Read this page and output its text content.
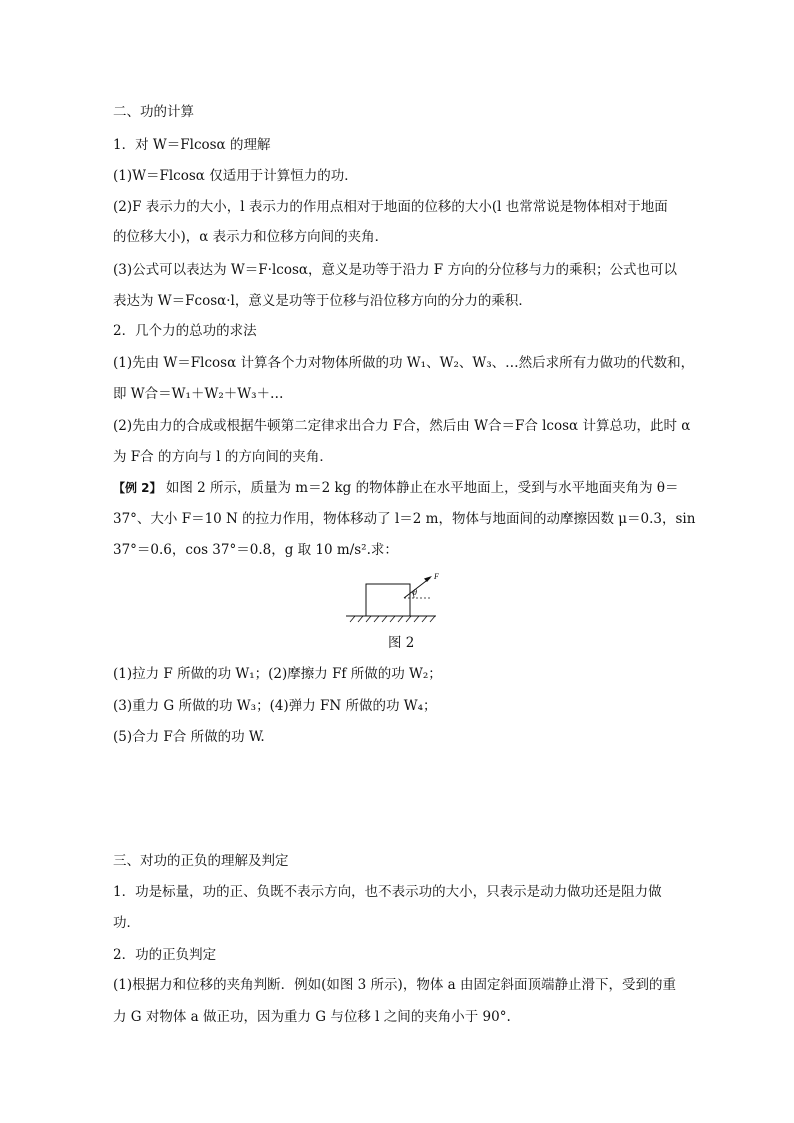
二、功的计算
1．对 W＝Flcosα 的理解
(1)W＝Flcosα 仅适用于计算恒力的功．
(2)F 表示力的大小，l 表示力的作用点相对于地面的位移的大小(l 也常常说是物体相对于地面
的位移大小)，α 表示力和位移方向间的夹角．
(3)公式可以表达为 W＝F·lcosα，意义是功等于沿力 F 方向的分位移与力的乘积；公式也可以
表达为 W＝Fcosα·l，意义是功等于位移与沿位移方向的分力的乘积．
2．几个力的总功的求法
(1)先由 W＝Flcosα 计算各个力对物体所做的功 W₁、W₂、W₃、…然后求所有力做功的代数和，
即 W合＝W₁＋W₂＋W₃＋…
(2)先由力的合成或根据牛顿第二定律求出合力 F合，然后由 W合＝F合 lcosα 计算总功，此时 α
为 F合 的方向与 l 的方向间的夹角．
【例 2】 如图 2 所示，质量为 m＝2 kg 的物体静止在水平地面上，受到与水平地面夹角为 θ＝
37°、大小 F＝10 N 的拉力作用，物体移动了 l＝2 m，物体与地面间的动摩擦因数 μ＝0.3，sin
37°＝0.6，cos 37°＝0.8，g 取 10 m/s².求：
F
θ
图 2
(1)拉力 F 所做的功 W₁；(2)摩擦力 Ff 所做的功 W₂；
(3)重力 G 所做的功 W₃；(4)弹力 FN 所做的功 W₄；
(5)合力 F合 所做的功 W.
三、对功的正负的理解及判定
1．功是标量，功的正、负既不表示方向，也不表示功的大小，只表示是动力做功还是阻力做
功．
2．功的正负判定
(1)根据力和位移的夹角判断．例如(如图 3 所示)，物体 a 由固定斜面顶端静止滑下，受到的重
力 G 对物体 a 做正功，因为重力 G 与位移 l 之间的夹角小于 90°.
